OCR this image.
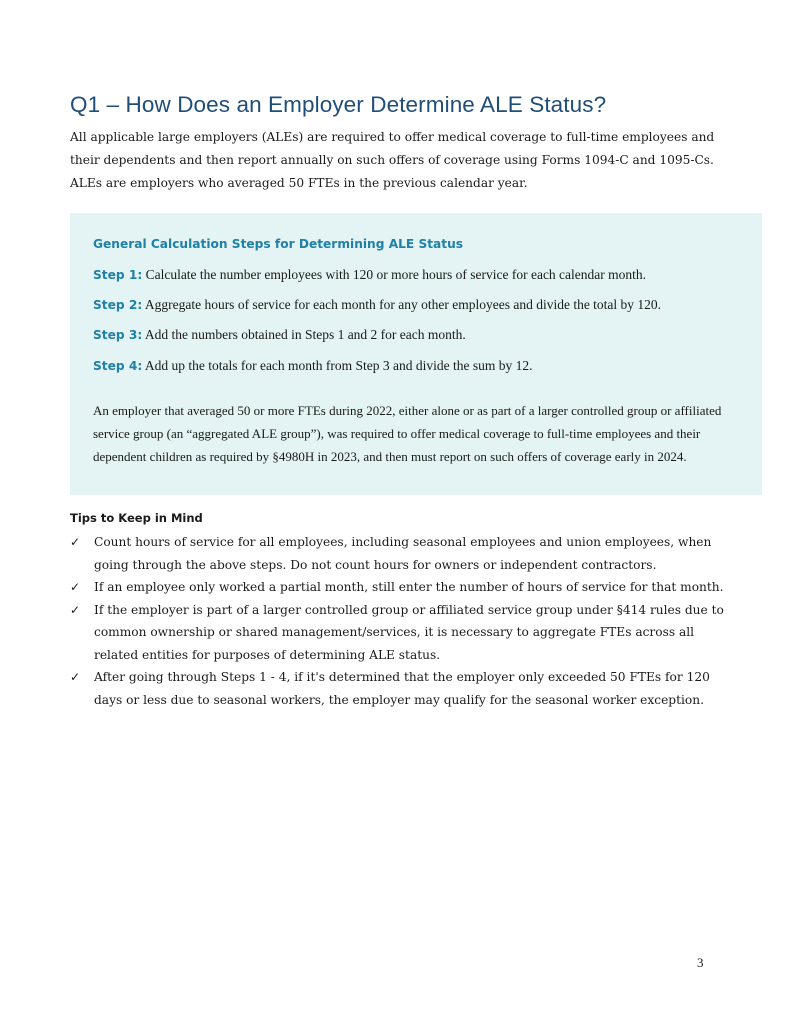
Q1 – How Does an Employer Determine ALE Status?

All applicable large employers (ALEs) are required to offer medical coverage to full-time employees and their dependents and then report annually on such offers of coverage using Forms 1094-C and 1095-Cs. ALEs are employers who averaged 50 FTEs in the previous calendar year.

General Calculation Steps for Determining ALE Status

Step 1: Calculate the number employees with 120 or more hours of service for each calendar month.

Step 2: Aggregate hours of service for each month for any other employees and divide the total by 120.

Step 3: Add the numbers obtained in Steps 1 and 2 for each month.

Step 4: Add up the totals for each month from Step 3 and divide the sum by 12.

An employer that averaged 50 or more FTEs during 2022, either alone or as part of a larger controlled group or affiliated service group (an “aggregated ALE group”), was required to offer medical coverage to full-time employees and their dependent children as required by §4980H in 2023, and then must report on such offers of coverage early in 2024.

Tips to Keep in Mind

✓ Count hours of service for all employees, including seasonal employees and union employees, when going through the above steps. Do not count hours for owners or independent contractors.
✓ If an employee only worked a partial month, still enter the number of hours of service for that month.
✓ If the employer is part of a larger controlled group or affiliated service group under §414 rules due to common ownership or shared management/services, it is necessary to aggregate FTEs across all related entities for purposes of determining ALE status.
✓ After going through Steps 1 - 4, if it's determined that the employer only exceeded 50 FTEs for 120 days or less due to seasonal workers, the employer may qualify for the seasonal worker exception.

3
